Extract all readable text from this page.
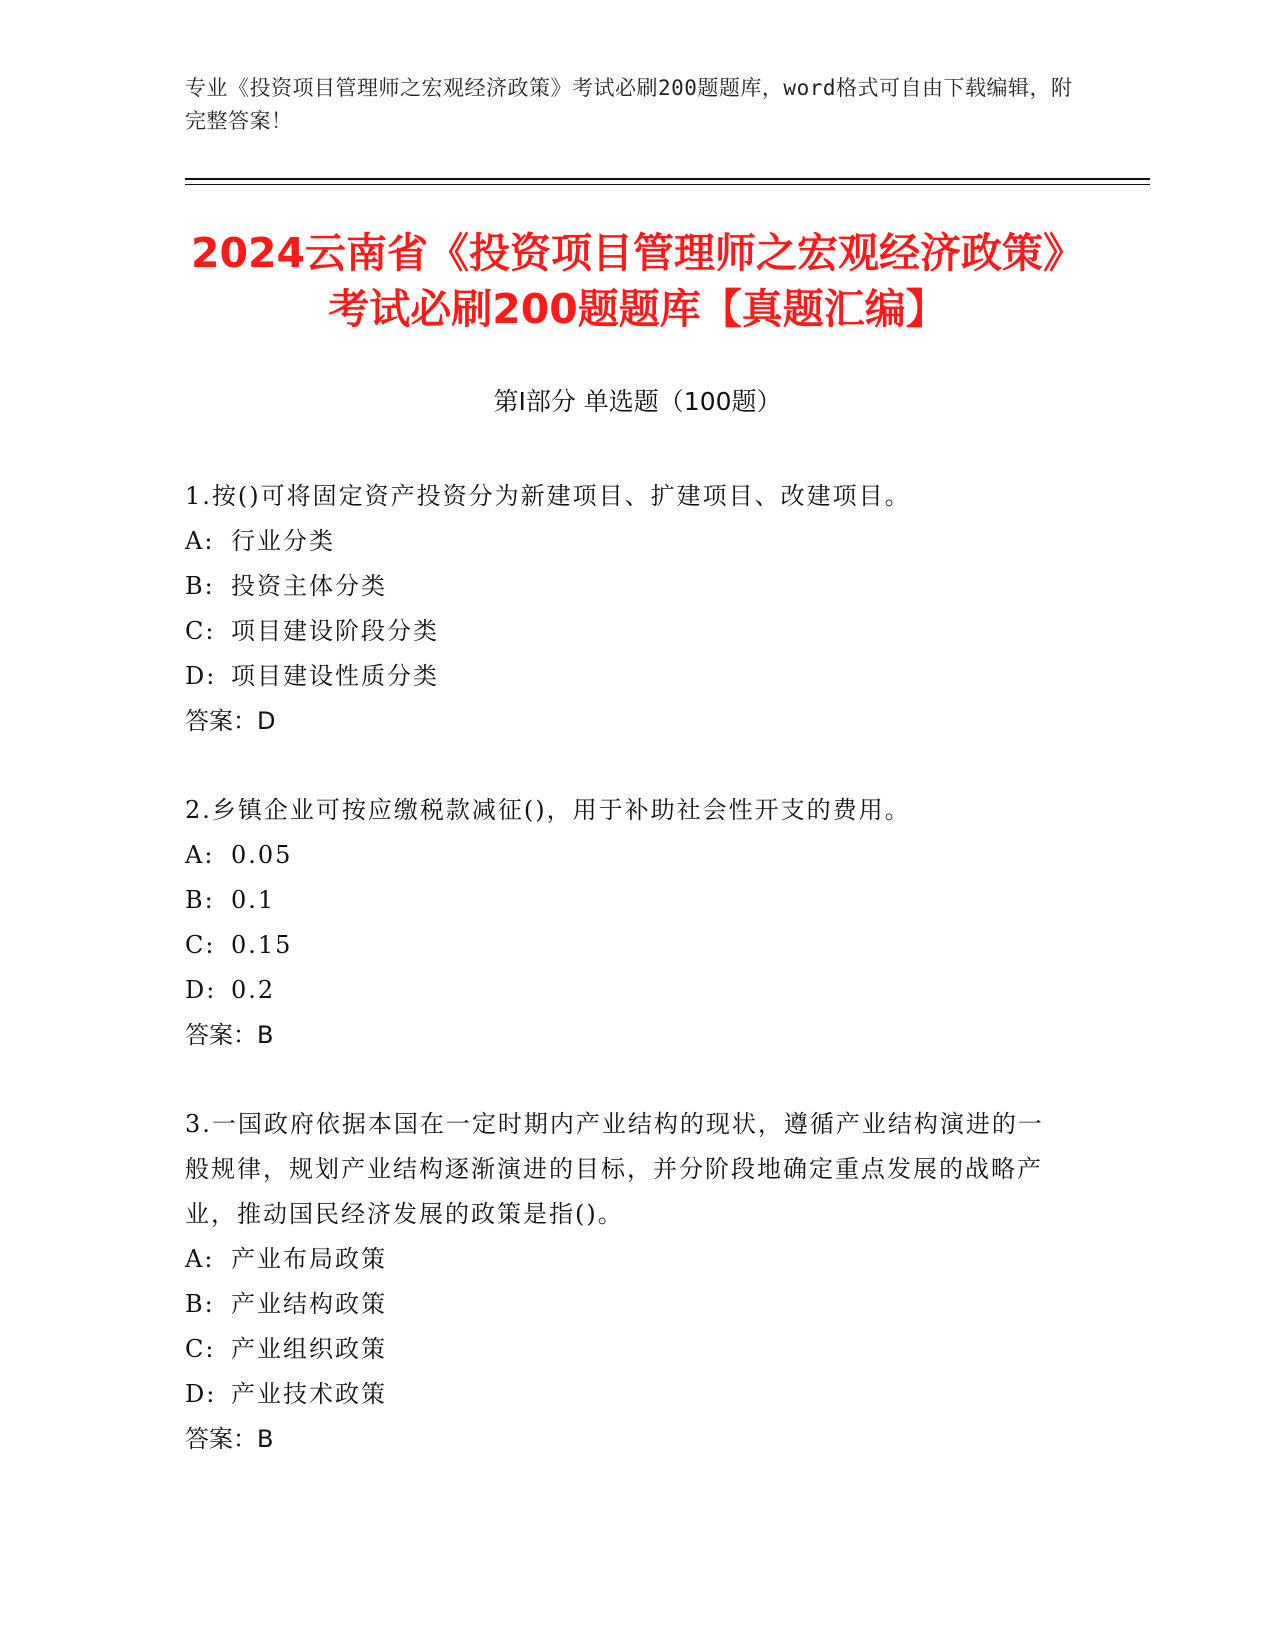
专业《投资项目管理师之宏观经济政策》考试必刷200题题库，word格式可自由下载编辑，附完整答案！
2024云南省《投资项目管理师之宏观经济政策》考试必刷200题题库【真题汇编】
第Ⅰ部分 单选题（100题）
1.按()可将固定资产投资分为新建项目、扩建项目、改建项目。
A: 行业分类
B: 投资主体分类
C: 项目建设阶段分类
D: 项目建设性质分类
答案：D
2.乡镇企业可按应缴税款减征()，用于补助社会性开支的费用。
A: 0.05
B: 0.1
C: 0.15
D: 0.2
答案：B
3.一国政府依据本国在一定时期内产业结构的现状，遵循产业结构演进的一般规律，规划产业结构逐渐演进的目标，并分阶段地确定重点发展的战略产业，推动国民经济发展的政策是指()。
A: 产业布局政策
B: 产业结构政策
C: 产业组织政策
D: 产业技术政策
答案：B
